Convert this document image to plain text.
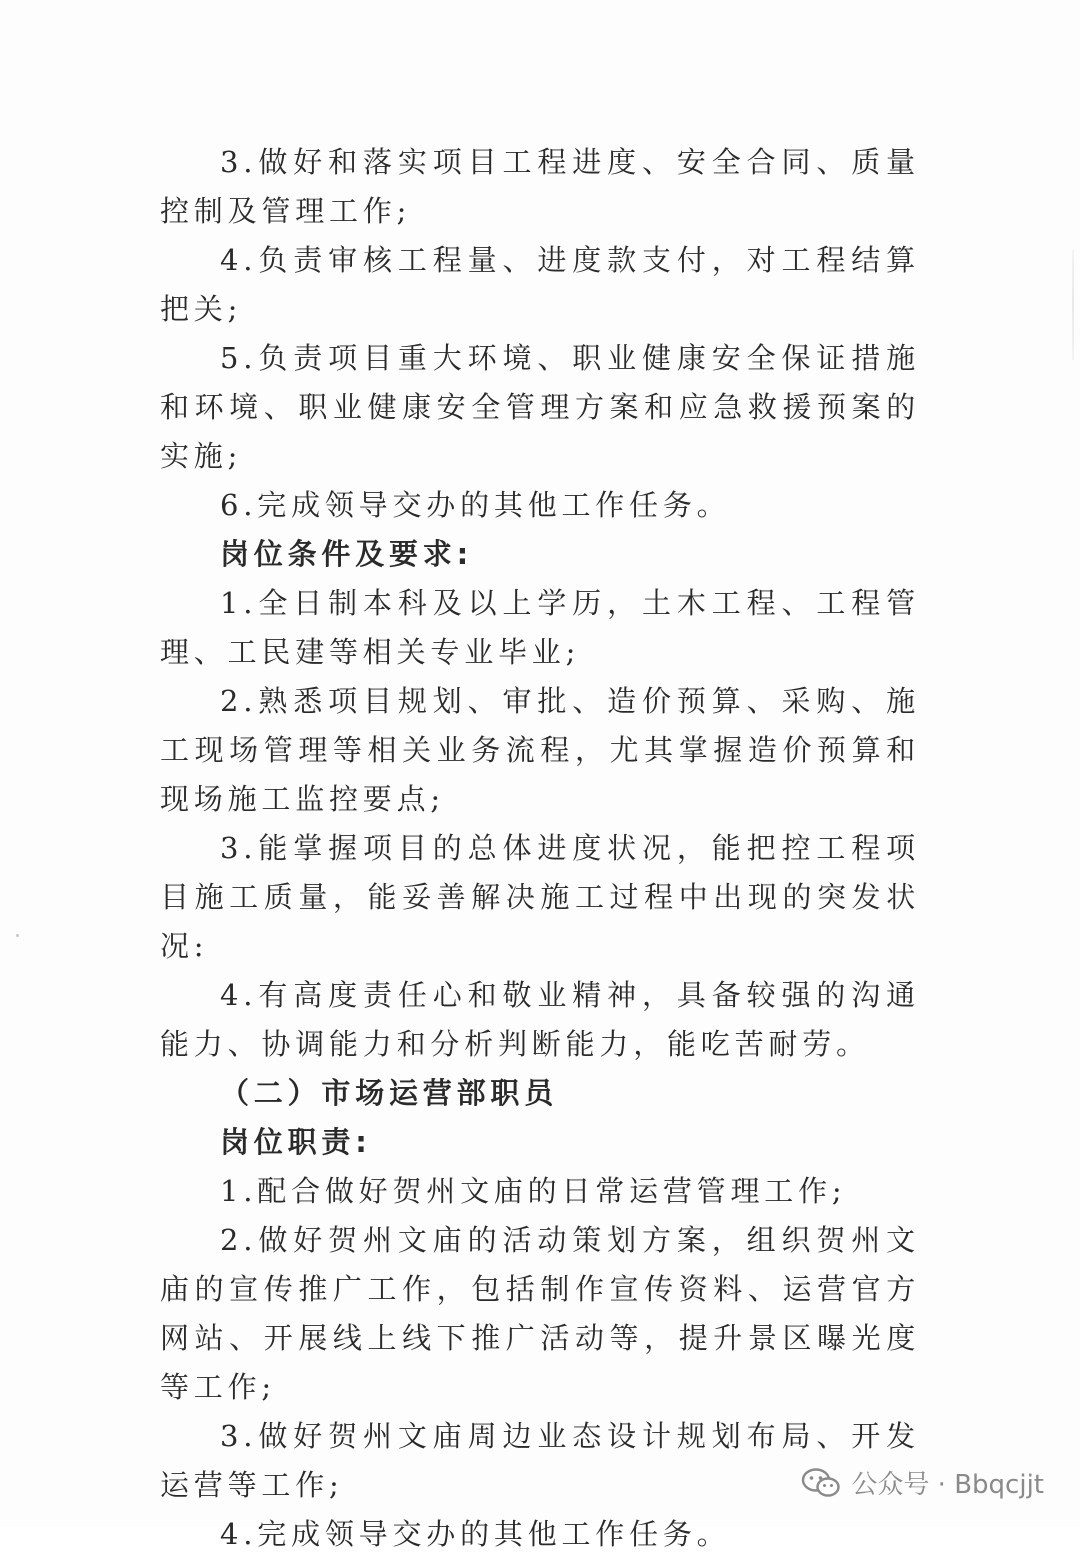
3.做好和落实项目工程进度、安全合同、质量控制及管理工作;

4.负责审核工程量、进度款支付，对工程结算把关;

5.负责项目重大环境、职业健康安全保证措施和环境、职业健康安全管理方案和应急救援预案的实施;

6.完成领导交办的其他工作任务。

岗位条件及要求:

1.全日制本科及以上学历，土木工程、工程管理、工民建等相关专业毕业;

2.熟悉项目规划、审批、造价预算、采购、施工现场管理等相关业务流程，尤其掌握造价预算和现场施工监控要点;

3.能掌握项目的总体进度状况，能把控工程项目施工质量，能妥善解决施工过程中出现的突发状况:

4.有高度责任心和敬业精神，具备较强的沟通能力、协调能力和分析判断能力，能吃苦耐劳。

（二）市场运营部职员

岗位职责:

1.配合做好贺州文庙的日常运营管理工作;

2.做好贺州文庙的活动策划方案，组织贺州文庙的宣传推广工作，包括制作宣传资料、运营官方网站、开展线上线下推广活动等，提升景区曝光度等工作;

3.做好贺州文庙周边业态设计规划布局、开发运营等工作;

4.完成领导交办的其他工作任务。

公众号 · Bbqcjjt
